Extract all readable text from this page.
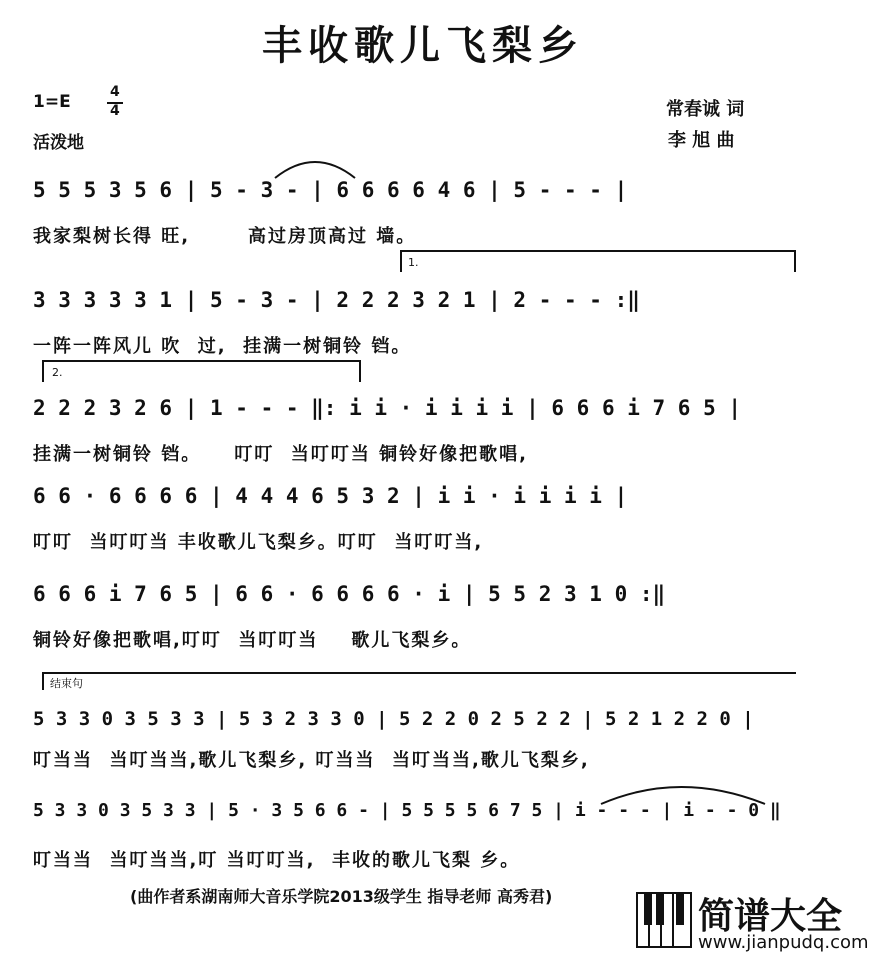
丰收歌儿飞梨乡
1=E	4
4
活泼地
常春诚 词
李 旭 曲
5 5 5 3 5 6 | 5 - 3 - | 6 6 6 6 4 6 | 5 - - - |
我家梨树长得 旺,       高过房顶高过 墙。
1.
3 3 3 3 3 1 | 5 - 3 - | 2 2 2 3 2 1 | 2 - - - :‖
一阵一阵风儿 吹  过,  挂满一树铜铃 铛。
2.
2 2 2 3 2 6 | 1 - - - ‖: i i · i i i i | 6 6 6 i 7 6 5 |
挂满一树铜铃 铛。    叮叮  当叮叮当 铜铃好像把歌唱,
6 6 · 6 6 6 6 | 4 4 4 6 5 3 2 | i i · i i i i |
叮叮  当叮叮当 丰收歌儿飞梨乡。叮叮  当叮叮当,
6 6 6 i 7 6 5 | 6 6 · 6 6 6 6 · i | 5 5 2 3 1 0 :‖
铜铃好像把歌唱,叮叮  当叮叮当    歌儿飞梨乡。
结束句
5 3 3 0 3 5 3 3 | 5 3 2 3 3 0 | 5 2 2 0 2 5 2 2 | 5 2 1 2 2 0 |
叮当当  当叮当当,歌儿飞梨乡, 叮当当  当叮当当,歌儿飞梨乡,
5 3 3 0 3 5 3 3 | 5 · 3 5 6 6 - | 5 5 5 5 6 7 5 | i - - - | i - - 0 ‖
叮当当  当叮当当,叮 当叮叮当,  丰收的歌儿飞梨 乡。
(曲作者系湖南师大音乐学院2013级学生 指导老师 高秀君)	简谱大全
www.jianpudq.com
